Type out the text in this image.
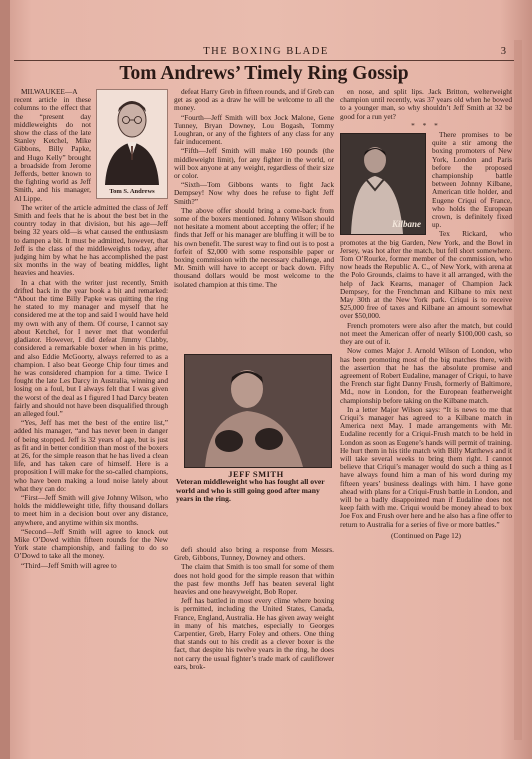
THE BOXING BLADE	3
Tom Andrews’ Timely Ring Gossip
Tom S. Andrews

MILWAUKEE—A recent article in these columns to the effect that the “present day middleweights do not show the class of the late Stanley Ketchel, Mike Gibbons, Billy Papke, and Hugo Kelly” brought a broadside from Jerome Jefferds, better known to the fighting world as Jeff Smith, and his manager, Al Lippe.

The writer of the article admitted the class of Jeff Smith and feels that he is about the best bet in the country today in that division, but his age—Jeff being 32 years old—is what caused the enthusiasm to dampen a bit. It must be admitted, however, that Jeff is the class of the middleweights today, after judging him by what he has accomplished the past six months in the way of beating middles, light heavies and heavies.

In a chat with the writer just recently, Smith drifted back in the year book a bit and remarked: “About the time Billy Papke was quitting the ring he stated to my manager and myself that he considered me at the top and said I would have held my own with any of them. Of course, I cannot say about Ketchel, for I never met that wonderful gladiator. However, I did defeat Jimmy Clabby, considered a remarkable boxer when in his prime, and also Eddie McGoorty, always referred to as a champion. I also beat George Chip four times and he was considered champion for a time. Twice I fought the late Les Darcy in Australia, winning and losing on a foul, but I always felt that I was given the worst of the deal as I figured I had Darcy beaten fairly and should not have been disqualified through an alleged foul.”

“Yes, Jeff has met the best of the entire list,” added his manager, “and has never been in danger of being stopped. Jeff is 32 years of age, but is just as fit and in better condition than most of the boxers at 26, for the simple reason that he has lived a clean life, and has taken care of himself. Here is a proposition I will make for the so-called champions, who have been making a loud noise lately about what they can do:

“First—Jeff Smith will give Johnny Wilson, who holds the middleweight title, fifty thousand dollars to meet him in a decision bout over any distance, anywhere, and anytime within six months.

“Second—Jeff Smith will agree to knock out Mike O’Dowd within fifteen rounds for the New York state championship, and failing to do so O’Dowd to take all the money.

“Third—Jeff Smith will agree to

defeat Harry Greb in fifteen rounds, and if Greb can get as good as a draw he will be welcome to all the money.

“Fourth—Jeff Smith will box Jock Malone, Gene Tunney, Bryan Downey, Lou Bogash, Tommy Loughran, or any of the fighters of any class for any fair inducement.

“Fifth—Jeff Smith will make 160 pounds (the middleweight limit), for any fighter in the world, or will box anyone at any weight, regardless of their size or color.

“Sixth—Tom Gibbons wants to fight Jack Dempsey! Now why does he refuse to fight Jeff Smith?”

The above offer should bring a come-back from some of the boxers mentioned. Johnny Wilson should not hesitate a moment about accepting the offer; if he finds that Jeff or his manager are bluffing it will be to his own benefit. The surest way to find out is to post a forfeit of $2,000 with some responsible paper or boxing commission with the necessary challenge, and Mr. Smith will have to accept or back down. Fifty thousand dollars would be most welcome to the isolated champion at this time. The

JEFF SMITH
Veteran middleweight who has fought all over world and who is still going good after many years in the ring.

defi should also bring a response from Messrs. Greb, Gibbons, Tunney, Downey and others.

The claim that Smith is too small for some of them does not hold good for the simple reason that within the past few months Jeff has beaten several light heavies and one heavyweight, Bob Roper.

Jeff has battled in most every clime where boxing is permitted, including the United States, Canada, France, England, Australia. He has given away weight in many of his matches, especially to Georges Carpentier, Greb, Harry Foley and others. One thing that stands out to his credit as a clever boxer is the fact, that despite his twelve years in the ring, he does not carry the usual fighter’s trade mark of cauliflower ears, brok-

en nose, and split lips. Jack Britton, welterweight champion until recently, was 37 years old when he bowed to a younger man, so why shouldn’t Jeff Smith at 32 be good for a run yet?

* * *
Kilbane

There promises to be quite a stir among the boxing promoters of New York, London and Paris before the proposed championship battle between Johnny Kilbane, American title holder, and Eugene Criqui of France, who holds the European crown, is definitely fixed up.

Tex Rickard, who promotes at the big Garden, New York, and the Bowl in Jersey, was hot after the match, but fell short somewhere. Tom O’Rourke, former member of the commission, who now heads the Republic A. C., of New York, with arena at the Polo Grounds, claims to have it all arranged, with the help of Jack Kearns, manager of Champion Jack Dempsey, for the Frenchman and Kilbane to mix next May 30th at the New York park. Criqui is to receive $25,000 free of taxes and Kilbane an amount somewhat over $50,000.

French promoters were also after the match, but could not meet the American offer of nearly $100,000 cash, so they are out of it.

Now comes Major J. Arnold Wilson of London, who has been promoting most of the big matches there, with the assertion that he has the absolute promise and agreement of Robert Eudaline, manager of Criqui, to have the French star fight Danny Frush, formerly of Baltimore, Md., now in London, for the European featherweight championship before taking on the Kilbane match.

In a letter Major Wilson says: “It is news to me that Criqui’s manager has agreed to a Kilbane match in America next May. I made arrangements with Mr. Eudaline recently for a Criqui-Frush match to be held in London as soon as Eugene’s hands will permit of training. He hurt them in his title match with Billy Matthews and it will take several weeks to bring them right. I cannot believe that Criqui’s manager would do such a thing as I have always found him a man of his word during my fifteen years’ business dealings with him. I have gone ahead with plans for a Criqui-Frush battle in London, and will be a badly disappointed man if Eudaline does not keep faith with me. Criqui would be money ahead to box Joe Fox and Frush over here and he also has a fine offer to return to Australia for a series of five or more battles.”

(Continued on Page 12)
